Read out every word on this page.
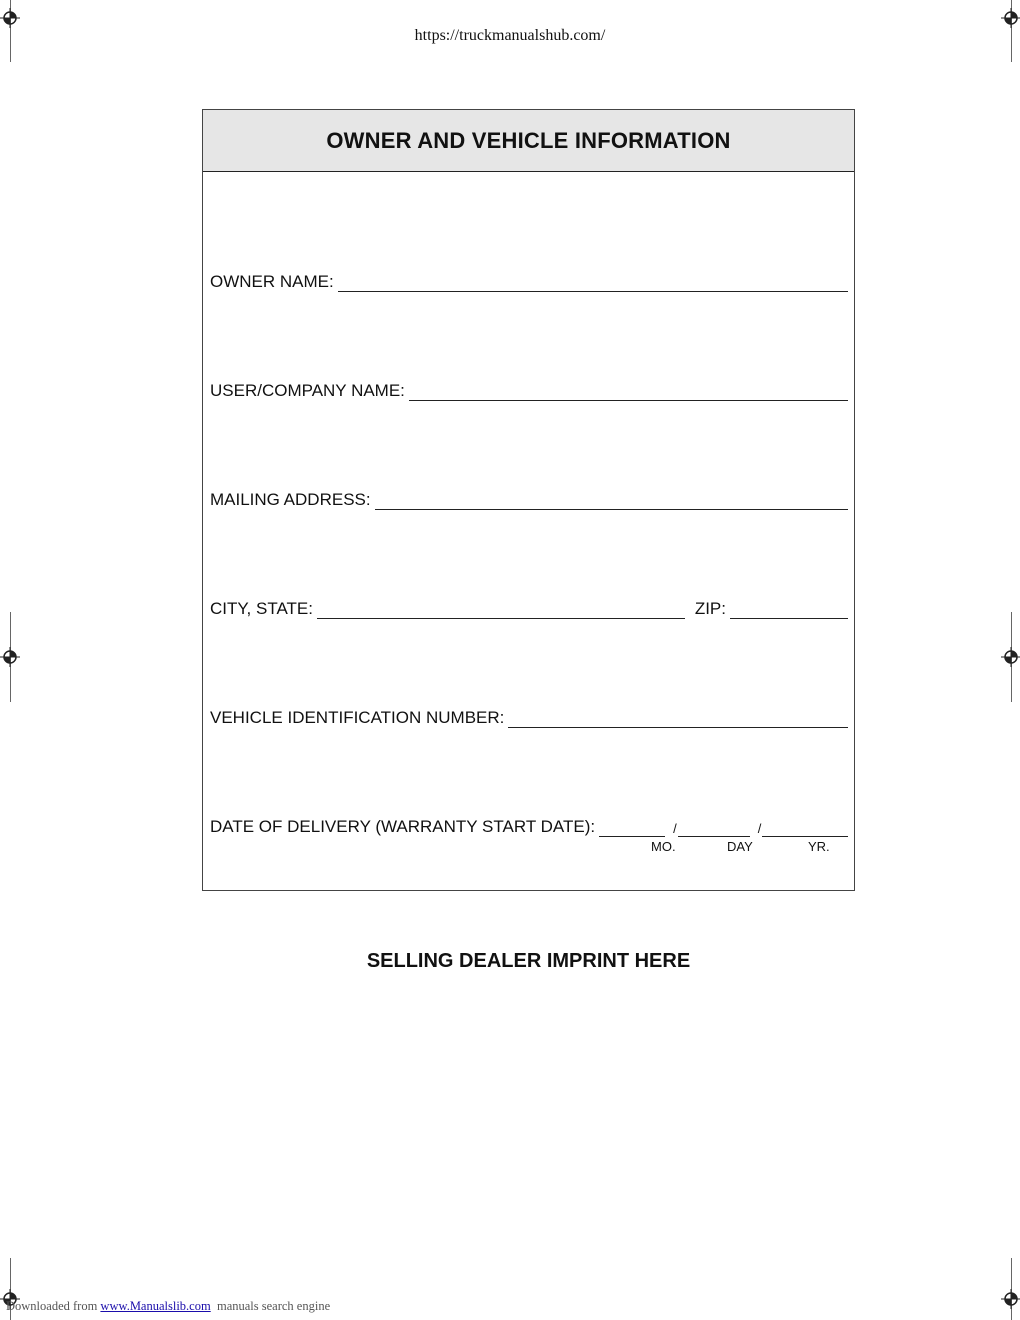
https://truckmanualshub.com/
OWNER AND VEHICLE INFORMATION
OWNER NAME:
USER/COMPANY NAME:
MAILING ADDRESS:
CITY, STATE:	ZIP:
VEHICLE IDENTIFICATION NUMBER:
DATE OF DELIVERY (WARRANTY START DATE):	/	/
MO.	DAY	YR.
SELLING DEALER IMPRINT HERE
Downloaded from www.Manualslib.com  manuals search engine
